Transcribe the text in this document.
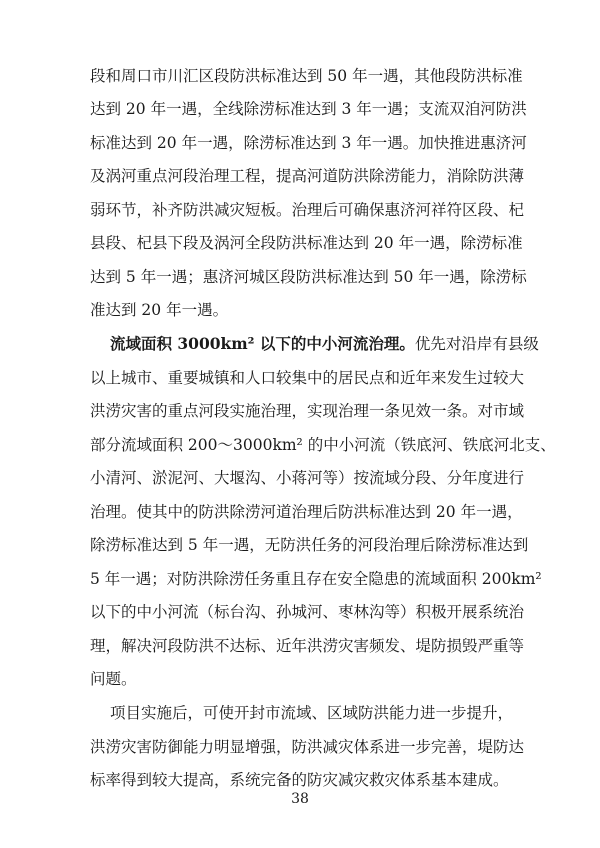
段和周口市川汇区段防洪标准达到 50 年一遇，其他段防洪标准
达到 20 年一遇，全线除涝标准达到 3 年一遇；支流双洎河防洪
标准达到 20 年一遇，除涝标准达到 3 年一遇。加快推进惠济河
及涡河重点河段治理工程，提高河道防洪除涝能力，消除防洪薄
弱环节，补齐防洪减灾短板。治理后可确保惠济河祥符区段、杞
县段、杞县下段及涡河全段防洪标准达到 20 年一遇，除涝标准
达到 5 年一遇；惠济河城区段防洪标准达到 50 年一遇，除涝标
准达到 20 年一遇。
流域面积 3000km² 以下的中小河流治理。优先对沿岸有县级
以上城市、重要城镇和人口较集中的居民点和近年来发生过较大
洪涝灾害的重点河段实施治理，实现治理一条见效一条。对市域
部分流域面积 200～3000km² 的中小河流（铁底河、铁底河北支、
小清河、淤泥河、大堰沟、小蒋河等）按流域分段、分年度进行
治理。使其中的防洪除涝河道治理后防洪标准达到 20 年一遇，
除涝标准达到 5 年一遇，无防洪任务的河段治理后除涝标准达到
5 年一遇；对防洪除涝任务重且存在安全隐患的流域面积 200km²
以下的中小河流（标台沟、孙城河、枣林沟等）积极开展系统治
理，解决河段防洪不达标、近年洪涝灾害频发、堤防损毁严重等
问题。
项目实施后，可使开封市流域、区域防洪能力进一步提升，
洪涝灾害防御能力明显增强，防洪减灾体系进一步完善，堤防达
标率得到较大提高，系统完备的防灾减灾救灾体系基本建成。
38
